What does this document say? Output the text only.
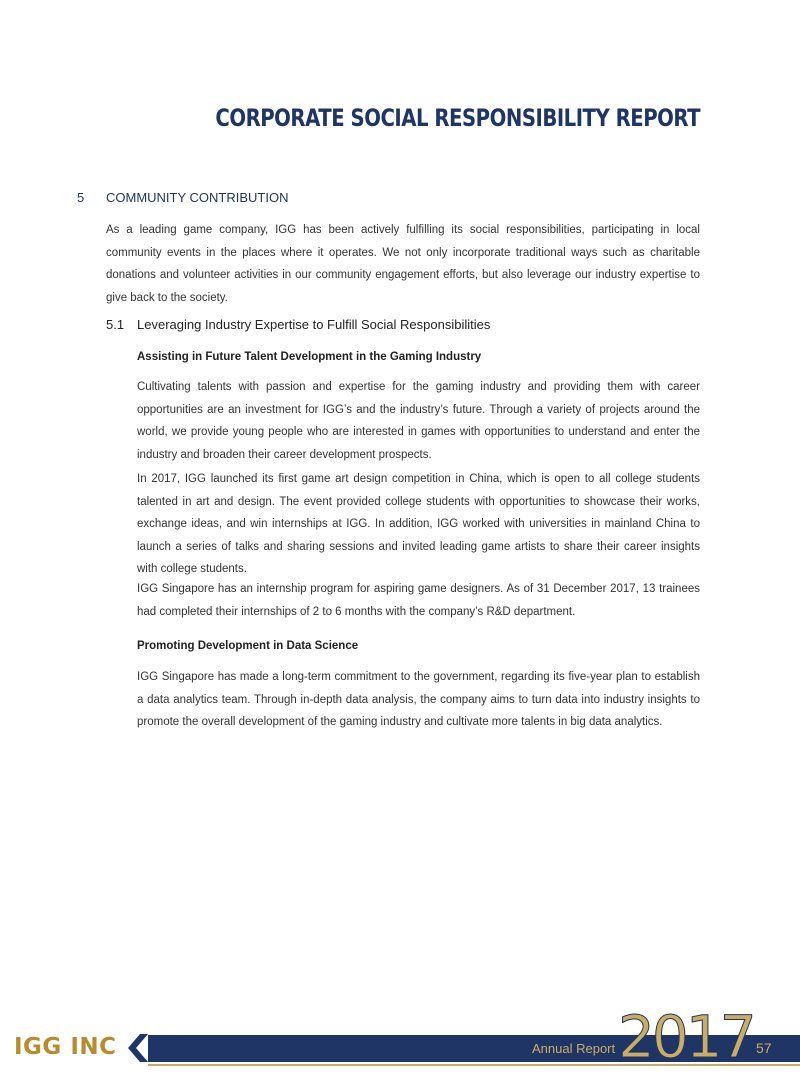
CORPORATE SOCIAL RESPONSIBILITY REPORT
5 COMMUNITY CONTRIBUTION

As a leading game company, IGG has been actively fulfilling its social responsibilities, participating in local community events in the places where it operates. We not only incorporate traditional ways such as charitable donations and volunteer activities in our community engagement efforts, but also leverage our industry expertise to give back to the society.

5.1 Leveraging Industry Expertise to Fulfill Social Responsibilities
Assisting in Future Talent Development in the Gaming Industry

Cultivating talents with passion and expertise for the gaming industry and providing them with career opportunities are an investment for IGG’s and the industry’s future. Through a variety of projects around the world, we provide young people who are interested in games with opportunities to understand and enter the industry and broaden their career development prospects.

In 2017, IGG launched its first game art design competition in China, which is open to all college students talented in art and design. The event provided college students with opportunities to showcase their works, exchange ideas, and win internships at IGG. In addition, IGG worked with universities in mainland China to launch a series of talks and sharing sessions and invited leading game artists to share their career insights with college students.

IGG Singapore has an internship program for aspiring game designers. As of 31 December 2017, 13 trainees had completed their internships of 2 to 6 months with the company’s R&D department.

Promoting Development in Data Science

IGG Singapore has made a long-term commitment to the government, regarding its five-year plan to establish a data analytics team. Through in-depth data analysis, the company aims to turn data into industry insights to promote the overall development of the gaming industry and cultivate more talents in big data analytics.

IGG INC	Annual Report 2017 57
